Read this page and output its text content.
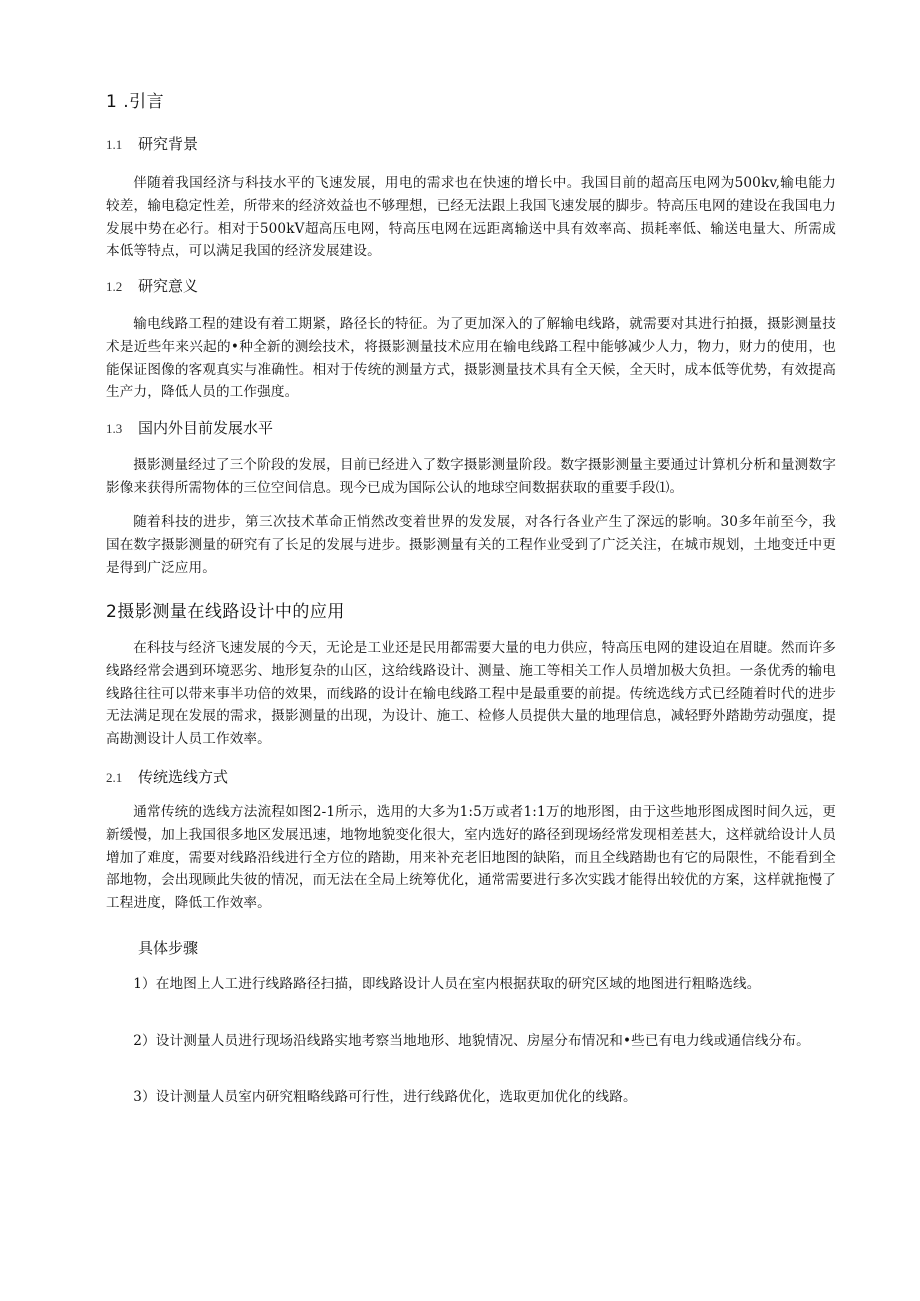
1 .引言
1.1 研究背景

伴随着我国经济与科技水平的飞速发展，用电的需求也在快速的增长中。我国目前的超高压电网为500kv,输电能力较差，输电稳定性差，所带来的经济效益也不够理想，已经无法跟上我国飞速发展的脚步。特高压电网的建设在我国电力发展中势在必行。相对于500kV超高压电网，特高压电网在远距离输送中具有效率高、损耗率低、输送电量大、所需成本低等特点，可以满足我国的经济发展建设。

1.2 研究意义

输电线路工程的建设有着工期紧，路径长的特征。为了更加深入的了解输电线路，就需要对其进行拍摄，摄影测量技术是近些年来兴起的•种全新的测绘技术，将摄影测量技术应用在输电线路工程中能够减少人力，物力，财力的使用，也能保证图像的客观真实与准确性。相对于传统的测量方式，摄影测量技术具有全天候，全天时，成本低等优势，有效提高生产力，降低人员的工作强度。

1.3 国内外目前发展水平

摄影测量经过了三个阶段的发展，目前已经进入了数字摄影测量阶段。数字摄影测量主要通过计算机分析和量测数字影像来获得所需物体的三位空间信息。现今已成为国际公认的地球空间数据获取的重要手段⑴。

随着科技的进步，第三次技术革命正悄然改变着世界的发发展，对各行各业产生了深远的影响。30多年前至今，我国在数字摄影测量的研究有了长足的发展与进步。摄影测量有关的工程作业受到了广泛关注，在城市规划，土地变迁中更是得到广泛应用。

2摄影测量在线路设计中的应用

在科技与经济飞速发展的今天，无论是工业还是民用都需要大量的电力供应，特高压电网的建设迫在眉睫。然而许多线路经常会遇到环境恶劣、地形复杂的山区，这给线路设计、测量、施工等相关工作人员增加极大负担。一条优秀的输电线路往往可以带来事半功倍的效果，而线路的设计在输电线路工程中是最重要的前提。传统选线方式已经随着时代的进步无法满足现在发展的需求，摄影测量的出现，为设计、施工、检修人员提供大量的地理信息，减轻野外踏勘劳动强度，提高勘测设计人员工作效率。

2.1 传统选线方式

通常传统的选线方法流程如图2-1所示，选用的大多为1:5万或者1:1万的地形图，由于这些地形图成图时间久远，更新缓慢，加上我国很多地区发展迅速，地物地貌变化很大，室内选好的路径到现场经常发现相差甚大，这样就给设计人员增加了难度，需要对线路沿线进行全方位的踏勘，用来补充老旧地图的缺陷，而且全线踏勘也有它的局限性，不能看到全部地物，会出现顾此失彼的情况，而无法在全局上统筹优化，通常需要进行多次实践才能得出较优的方案，这样就拖慢了工程进度，降低工作效率。

具体步骤

1）在地图上人工进行线路路径扫描，即线路设计人员在室内根据获取的研究区域的地图进行粗略选线。

2）设计测量人员进行现场沿线路实地考察当地地形、地貌情况、房屋分布情况和•些已有电力线或通信线分布。

3）设计测量人员室内研究粗略线路可行性，进行线路优化，选取更加优化的线路。
